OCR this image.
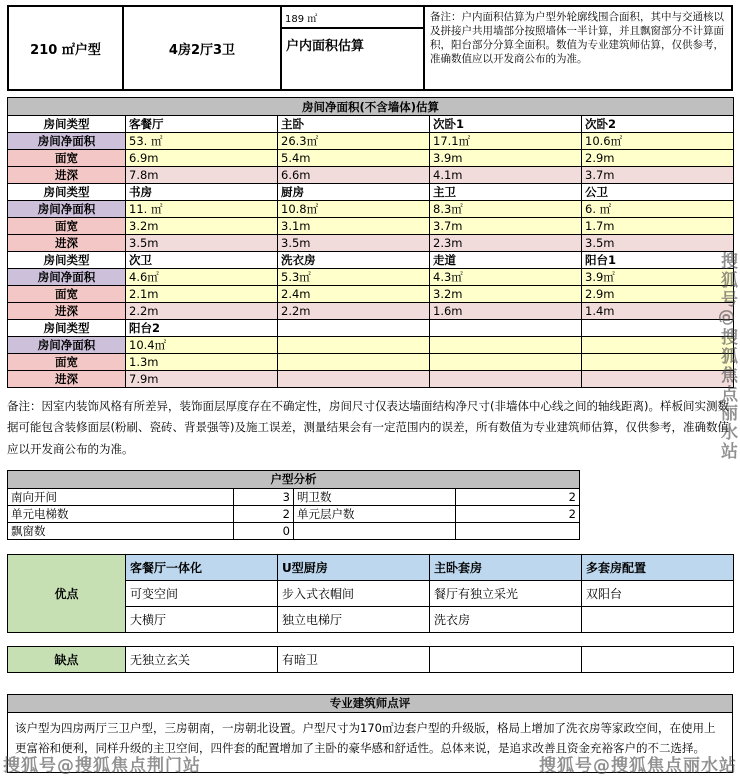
210 ㎡户型	4房2厅3卫
189 ㎡
户内面积估算
备注：户内面积估算为户型外轮廓线围合面积，其中与交通核以及拼接户共用墙部分按照墙体一半计算，并且飘窗部分不计算面积，阳台部分分算全面积。数值为专业建筑师估算，仅供参考，准确数值应以开发商公布的为准。
房间净面积(不含墙体)估算				
房间类型	客餐厅	主卧	次卧1	次卧2
房间净面积	53. ㎡	26.3㎡	17.1㎡	10.6㎡
面宽	6.9m	5.4m	3.9m	2.9m
进深	7.8m	6.6m	4.1m	3.7m
房间类型	书房	厨房	主卫	公卫
房间净面积	11. ㎡	10.8㎡	8.3㎡	6. ㎡
面宽	3.2m	3.1m	3.7m	1.7m
进深	3.5m	3.5m	2.3m	3.5m
房间类型	次卫	洗衣房	走道	阳台1
房间净面积	4.6㎡	5.3㎡	4.3㎡	3.9㎡
面宽	2.1m	2.4m	3.2m	2.9m
进深	2.2m	2.2m	1.6m	1.4m
房间类型	阳台2			
房间净面积	10.4㎡			
面宽	1.3m			
进深	7.9m			
备注：因室内装饰风格有所差异，装饰面层厚度存在不确定性，房间尺寸仅表达墙面结构净尺寸(非墙体中心线之间的轴线距离)。样板间实测数据可能包含装修面层(粉刷、瓷砖、背景强等)及施工误差，测量结果会有一定范围内的误差，所有数值为专业建筑师估算，仅供参考，准确数值应以开发商公布的为准。
户型分析			
南向开间	3	明卫数	2
单元电梯数	2	单元层户数	2
飘窗数	0		
优点	客餐厅一体化	U型厨房	主卧套房	多套房配置
	可变空间	步入式衣帽间	餐厅有独立采光	双阳台
	大横厅	独立电梯厅	洗衣房	
缺点	无独立玄关	有暗卫		
专业建筑师点评
该户型为四房两厅三卫户型，三房朝南，一房朝北设置。户型尺寸为170㎡边套户型的升级版，格局上增加了洗衣房等家政空间，在使用上更富裕和便利，同样升级的主卫空间，四件套的配置增加了主卧的豪华感和舒适性。总体来说，是追求改善且资金充裕客户的不二选择。
搜狐号@搜狐焦点荆门站	搜狐号@搜狐焦点丽水站
搜狐号@搜狐焦点丽水站
